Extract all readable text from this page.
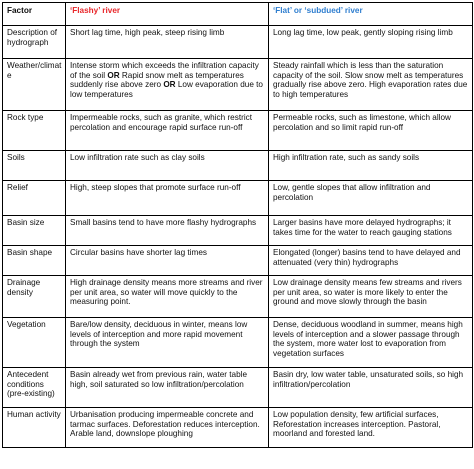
Factor	‘Flashy’ river	‘Flat’ or ‘subdued’ river
Description of hydrograph	Short lag time, high peak, steep rising limb	Long lag time, low peak, gently sloping rising limb
Weather/climate	Intense storm which exceeds the infiltration capacity of the soil OR Rapid snow melt as temperatures suddenly rise above zero OR Low evaporation due to low temperatures	Steady rainfall which is less than the saturation capacity of the soil. Slow snow melt as temperatures gradually rise above zero. High evaporation rates due to high temperatures
Rock type	Impermeable rocks, such as granite, which restrict percolation and encourage rapid surface run-off	Permeable rocks, such as limestone, which allow percolation and so limit rapid run-off
Soils	Low infiltration rate such as clay soils	High infiltration rate, such as sandy soils
Relief	High, steep slopes that promote surface run-off	Low, gentle slopes that allow infiltration and percolation
Basin size	Small basins tend to have more flashy hydrographs	Larger basins have more delayed hydrographs; it takes time for the water to reach gauging stations
Basin shape	Circular basins have shorter lag times	Elongated (longer) basins tend to have delayed and attenuated (very thin) hydrographs
Drainage density	High drainage density means more streams and river per unit area, so water will move quickly to the measuring point.	Low drainage density means few streams and rivers per unit area, so water is more likely to enter the ground and move slowly through the basin
Vegetation	Bare/low density, deciduous in winter, means low levels of interception and more rapid movement through the system	Dense, deciduous woodland in summer, means high levels of interception and a slower passage through the system, more water lost to evaporation from vegetation surfaces
Antecedent conditions (pre-existing)	Basin already wet from previous rain, water table high, soil saturated so low infiltration/percolation	Basin dry, low water table, unsaturated soils, so high infiltration/percolation
Human activity	Urbanisation producing impermeable concrete and tarmac surfaces. Deforestation reduces interception. Arable land, downslope ploughing	Low population density, few artificial surfaces, Reforestation increases interception. Pastoral, moorland and forested land.
